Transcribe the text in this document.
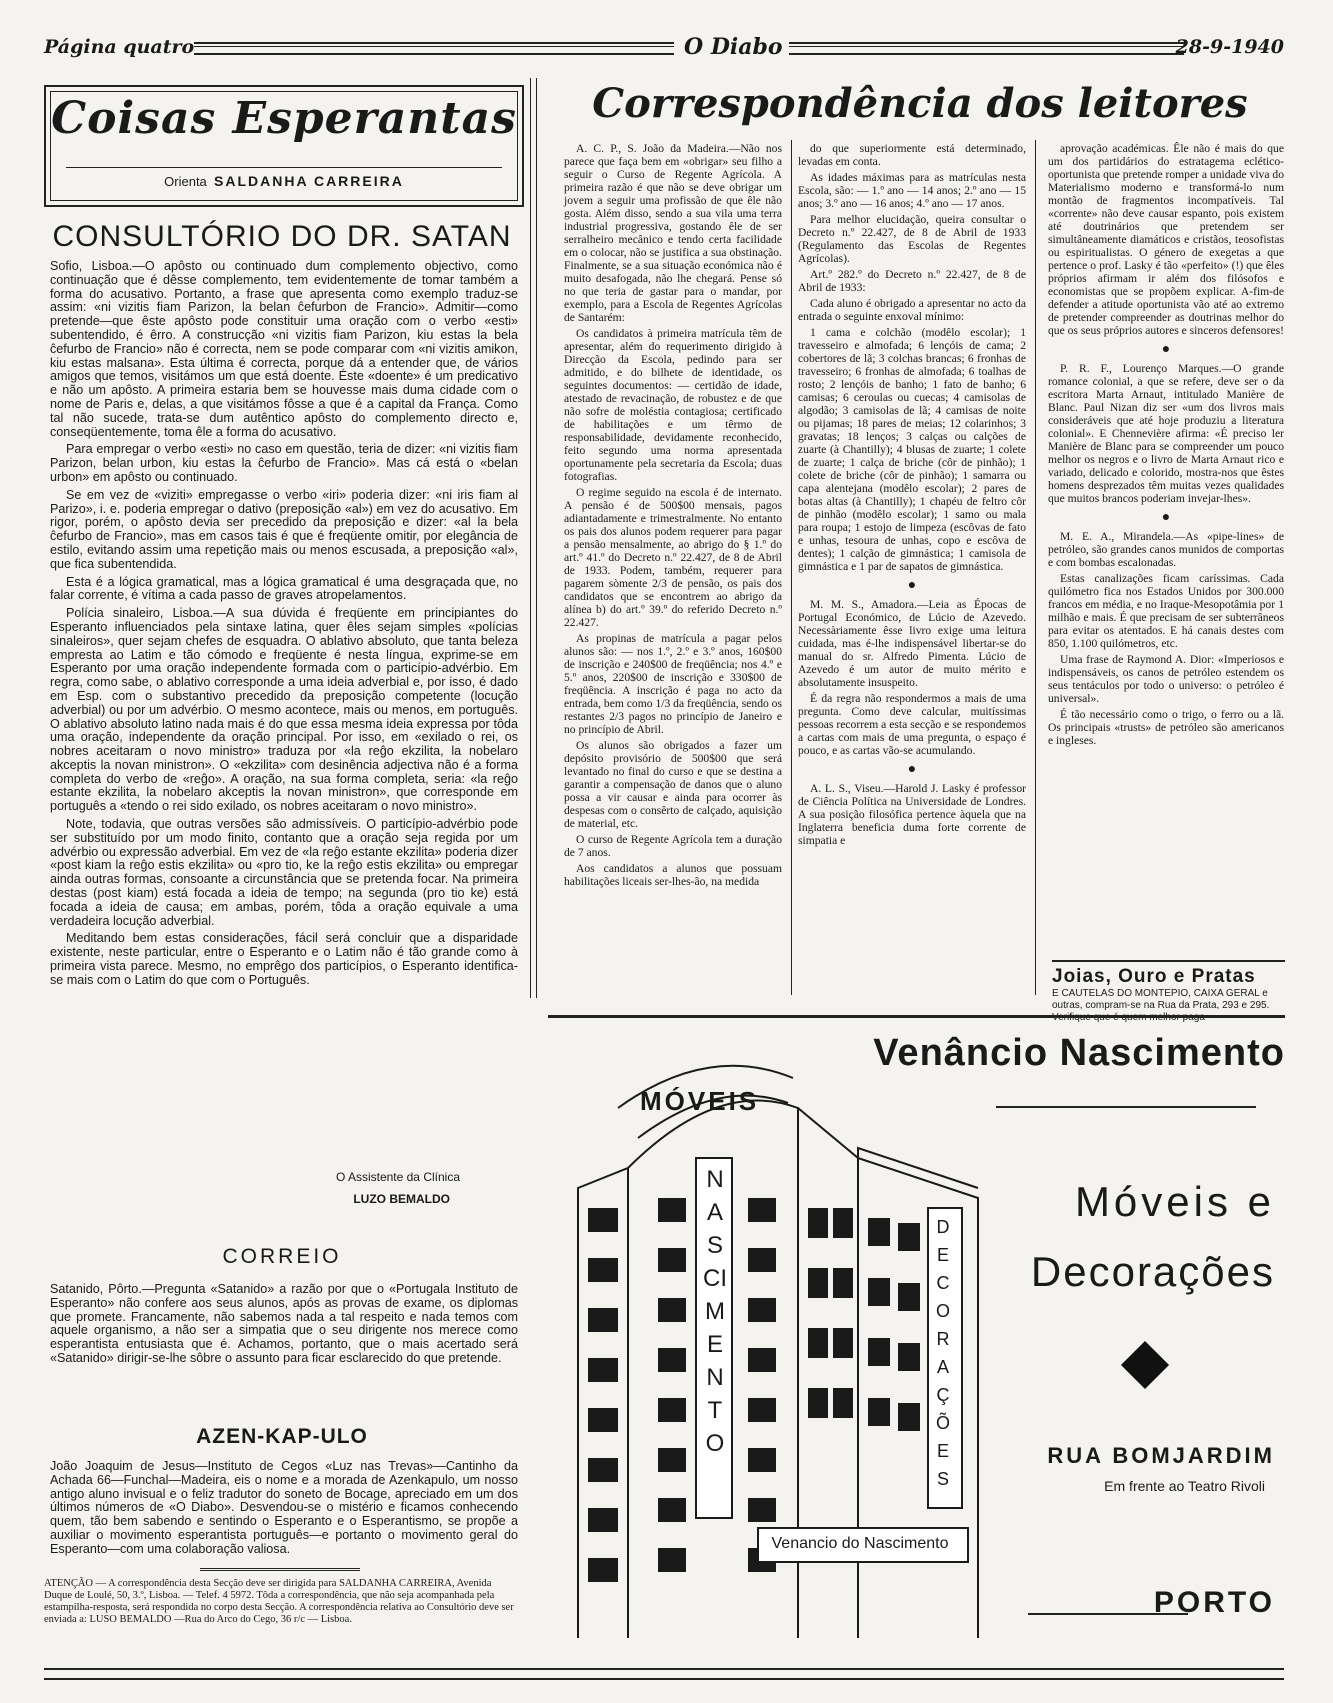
Página quatro	O Diabo	28-9-1940
Coisas Esperantas
Orienta SALDANHA CARREIRA
CONSULTÓRIO DO DR. SATAN

Sofio, Lisboa.—O apôsto ou continuado dum complemento objectivo, como continuação que é dêsse complemento, tem evidentemente de tomar também a forma do acusativo. Portanto, a frase que apresenta como exemplo traduz-se assim: «ni vizitis fiam Parizon, la belan ĉefurbon de Francio». Admitir—como pretende—que êste apôsto pode constituir uma oração com o verbo «esti» subentendido, é êrro. A construcção «ni vizitis fiam Parizon, kiu estas la bela ĉefurbo de Francio» não é correcta, nem se pode comparar com «ni vizitis amikon, kiu estas malsana». Esta última é correcta, porque dá a entender que, de vários amigos que temos, visitámos um que está doente. Éste «doente» é um predicativo e não um apôsto. A primeira estaria bem se houvesse mais duma cidade com o nome de Paris e, delas, a que visitámos fôsse a que é a capital da França. Como tal não sucede, trata-se dum autêntico apôsto do complemento directo e, conseqüentemente, toma êle a forma do acusativo.

Para empregar o verbo «esti» no caso em questão, teria de dizer: «ni vizitis fiam Parizon, belan urbon, kiu estas la ĉefurbo de Francio». Mas cá está o «belan urbon» em apôsto ou continuado.

Se em vez de «viziti» empregasse o verbo «iri» poderia dizer: «ni iris fiam al Parizo», i. e. poderia empregar o dativo (preposição «al») em vez do acusativo. Em rigor, porém, o apôsto devia ser precedido da preposição e dizer: «al la bela ĉefurbo de Francio», mas em casos tais é que é freqüente omitir, por elegância de estilo, evitando assim uma repetição mais ou menos escusada, a preposição «al», que fica subentendida.

Esta é a lógica gramatical, mas a lógica gramatical é uma desgraçada que, no falar corrente, é vítima a cada passo de graves atropelamentos.

Polícia sinaleiro, Lisboa.—A sua dúvida é freqüente em principiantes do Esperanto influenciados pela sintaxe latina, quer êles sejam simples «polícias sinaleiros», quer sejam chefes de esquadra. O ablativo absoluto, que tanta beleza empresta ao Latim e tão cómodo e freqüente é nesta língua, exprime-se em Esperanto por uma oração independente formada com o particípio-advérbio. Em regra, como sabe, o ablativo corresponde a uma ideia adverbial e, por isso, é dado em Esp. com o substantivo precedido da preposição competente (locução adverbial) ou por um advérbio. O mesmo acontece, mais ou menos, em português. O ablativo absoluto latino nada mais é do que essa mesma ideia expressa por tôda uma oração, independente da oração principal. Por isso, em «exilado o rei, os nobres aceitaram o novo ministro» traduza por «la reĝo ekzilita, la nobelaro akceptis la novan ministron». O «ekzilita» com desinência adjectiva não é a forma completa do verbo de «reĝo». A oração, na sua forma completa, seria: «la reĝo estante ekzilita, la nobelaro akceptis la novan ministron», que corresponde em português a «tendo o rei sido exilado, os nobres aceitaram o novo ministro».

Note, todavia, que outras versões são admissíveis. O particípio-advérbio pode ser substituído por um modo finito, contanto que a oração seja regida por um advérbio ou expressão adverbial. Em vez de «la reĝo estante ekzilita» poderia dizer «post kiam la reĝo estis ekzilita» ou «pro tio, ke la reĝo estis ekzilita» ou empregar ainda outras formas, consoante a circunstância que se pretenda focar. Na primeira destas (post kiam) está focada a ideia de tempo; na segunda (pro tio ke) está focada a ideia de causa; em ambas, porém, tôda a oração equivale a uma verdadeira locução adverbial.

Meditando bem estas considerações, fácil será concluir que a disparidade existente, neste particular, entre o Esperanto e o Latim não é tão grande como à primeira vista parece. Mesmo, no emprêgo dos particípios, o Esperanto identifica-se mais com o Latim do que com o Português.

O Assistente da Clínica
LUZO BEMALDO
CORREIO

Satanido, Pôrto.—Pregunta «Satanido» a razão por que o «Portugala Instituto de Esperanto» não confere aos seus alunos, após as provas de exame, os diplomas que promete. Francamente, não sabemos nada a tal respeito e nada temos com aquele organismo, a não ser a simpatia que o seu dirigente nos merece como esperantista entusiasta que é. Achamos, portanto, que o mais acertado será «Satanido» dirigir-se-lhe sôbre o assunto para ficar esclarecido do que pretende.

AZEN-KAP-ULO

João Joaquim de Jesus—Instituto de Cegos «Luz nas Trevas»—Cantinho da Achada 66—Funchal—Madeira, eis o nome e a morada de Azenkapulo, um nosso antigo aluno invisual e o feliz tradutor do soneto de Bocage, apreciado em um dos últimos números de «O Diabo». Desvendou-se o mistério e ficamos conhecendo quem, tão bem sabendo e sentindo o Esperanto e o Esperantismo, se propõe a auxiliar o movimento esperantista português—e portanto o movimento geral do Esperanto—com uma colaboração valiosa.

ATENÇÃO — A correspondência desta Secção deve ser dirigida para SALDANHA CARREIRA, Avenida Duque de Loulé, 50, 3.º, Lisboa. — Telef. 4 5972. Tôda a correspondência, que não seja acompanhada pela estampilha-resposta, será respondida no corpo desta Secção. A correspondência relativa ao Consultório deve ser enviada a: LUSO BEMALDO —Rua do Arco do Cego, 36 r/c — Lisboa.
Correspondência dos leitores

A. C. P., S. João da Madeira.—Não nos parece que faça bem em «obrigar» seu filho a seguir o Curso de Regente Agrícola. A primeira razão é que não se deve obrigar um jovem a seguir uma profissão de que êle não gosta. Além disso, sendo a sua vila uma terra industrial progressiva, gostando êle de ser serralheiro mecânico e tendo certa facilidade em o colocar, não se justifica a sua obstinação. Finalmente, se a sua situação económica não é muito desafogada, não lhe chegará. Pense só no que teria de gastar para o mandar, por exemplo, para a Escola de Regentes Agrícolas de Santarém:

Os candidatos à primeira matrícula têm de apresentar, além do requerimento dirigido à Direcção da Escola, pedindo para ser admitido, e do bilhete de identidade, os seguintes documentos: — certidão de idade, atestado de revacinação, de robustez e de que não sofre de moléstia contagiosa; certificado de habilitações e um têrmo de responsabilidade, devidamente reconhecido, feito segundo uma norma apresentada oportunamente pela secretaria da Escola; duas fotografias.

O regime seguido na escola é de internato. A pensão é de 500$00 mensais, pagos adiantadamente e trimestralmente. No entanto os pais dos alunos podem requerer para pagar a pensão mensalmente, ao abrigo do § 1.º do art.º 41.º do Decreto n.º 22.427, de 8 de Abril de 1933. Podem, também, requerer para pagarem sòmente 2/3 de pensão, os pais dos candidatos que se encontrem ao abrigo da alínea b) do art.º 39.º do referido Decreto n.º 22.427.

As propinas de matrícula a pagar pelos alunos são: — nos 1.º, 2.º e 3.º anos, 160$00 de inscrição e 240$00 de freqüência; nos 4.º e 5.º anos, 220$00 de inscrição e 330$00 de freqüência. A inscrição é paga no acto da entrada, bem como 1/3 da freqüência, sendo os restantes 2/3 pagos no princípio de Janeiro e no princípio de Abril.

Os alunos são obrigados a fazer um depósito provisório de 500$00 que será levantado no final do curso e que se destina a garantir a compensação de danos que o aluno possa a vir causar e ainda para ocorrer às despesas com o consêrto de calçado, aquisição de material, etc.

O curso de Regente Agrícola tem a duração de 7 anos.

Aos candidatos a alunos que possuam habilitações liceais ser-lhes-ão, na medida

do que superiormente está determinado, levadas em conta.

As idades máximas para as matrículas nesta Escola, são: — 1.º ano — 14 anos; 2.º ano — 15 anos; 3.º ano — 16 anos; 4.º ano — 17 anos.

Para melhor elucidação, queira consultar o Decreto n.º 22.427, de 8 de Abril de 1933 (Regulamento das Escolas de Regentes Agrícolas).

Art.º 282.º do Decreto n.º 22.427, de 8 de Abril de 1933:

Cada aluno é obrigado a apresentar no acto da entrada o seguinte enxoval mínimo:

1 cama e colchão (modêlo escolar); 1 travesseiro e almofada; 6 lençóis de cama; 2 cobertores de lã; 3 colchas brancas; 6 fronhas de travesseiro; 6 fronhas de almofada; 6 toalhas de rosto; 2 lençóis de banho; 1 fato de banho; 6 camisas; 6 ceroulas ou cuecas; 4 camisolas de algodão; 3 camisolas de lã; 4 camisas de noite ou pijamas; 18 pares de meias; 12 colarinhos; 3 gravatas; 18 lenços; 3 calças ou calções de zuarte (à Chantilly); 4 blusas de zuarte; 1 colete de zuarte; 1 calça de briche (côr de pinhão); 1 colete de briche (côr de pinhão); 1 samarra ou capa alentejana (modêlo escolar); 2 pares de botas altas (à Chantilly); 1 chapéu de feltro côr de pinhão (modêlo escolar); 1 samo ou mala para roupa; 1 estojo de limpeza (escôvas de fato e unhas, tesoura de unhas, copo e escôva de dentes); 1 calção de gimnástica; 1 camisola de gimnástica e 1 par de sapatos de gimnástica.

●

M. M. S., Amadora.—Leia as Épocas de Portugal Económico, de Lúcio de Azevedo. Necessàriamente êsse livro exige uma leitura cuidada, mas é-lhe indispensável libertar-se do manual do sr. Alfredo Pimenta. Lúcio de Azevedo é um autor de muito mérito e absolutamente insuspeito.

É da regra não respondermos a mais de uma pregunta. Como deve calcular, muitíssimas pessoas recorrem a esta secção e se respondemos a cartas com mais de uma pregunta, o espaço é pouco, e as cartas vão-se acumulando.

●

A. L. S., Viseu.—Harold J. Lasky é professor de Ciência Política na Universidade de Londres. A sua posição filosófica pertence àquela que na Inglaterra beneficia duma forte corrente de simpatia e

aprovação académicas. Êle não é mais do que um dos partidários do estratagema eclético-oportunista que pretende romper a unidade viva do Materialismo moderno e transformá-lo num montão de fragmentos incompatíveis. Tal «corrente» não deve causar espanto, pois existem até doutrinários que pretendem ser simultâneamente diamáticos e cristãos, teosofistas ou espiritualistas. O género de exegetas a que pertence o prof. Lasky é tão «perfeito» (!) que êles próprios afirmam ir além dos filósofos e economistas que se propõem explicar. A-fim-de defender a atitude oportunista vão até ao extremo de pretender compreender as doutrinas melhor do que os seus próprios autores e sinceros defensores!

●

P. R. F., Lourenço Marques.—O grande romance colonial, a que se refere, deve ser o da escritora Marta Arnaut, intitulado Manière de Blanc. Paul Nizan diz ser «um dos livros mais consideráveis que até hoje produziu a literatura colonial». E Chennevière afirma: «É preciso ler Manière de Blanc para se compreender um pouco melhor os negros e o livro de Marta Arnaut rico e variado, delicado e colorido, mostra-nos que êstes homens desprezados têm muitas vezes qualidades que muitos brancos poderiam invejar-lhes».

●

M. E. A., Mirandela.—As «pipe-lines» de petróleo, são grandes canos munidos de comportas e com bombas escalonadas.

Estas canalizações ficam caríssimas. Cada quilómetro fica nos Estados Unidos por 300.000 francos em média, e no Iraque-Mesopotâmia por 1 milhão e mais. É que precisam de ser subterrâneos para evitar os atentados. E há canais destes com 850, 1.100 quilómetros, etc.

Uma frase de Raymond A. Dior: «Imperiosos e indispensáveis, os canos de petróleo estendem os seus tentáculos por todo o universo: o petróleo é universal».

É tão necessário como o trigo, o ferro ou a lã. Os principais «trusts» de petróleo são americanos e ingleses.

Joias, Ouro e Pratas
E CAUTELAS DO MONTEPIO, CAIXA GERAL e outras, compram-se na Rua da Prata, 293 e 295. Verifique que é quem melhor paga
Venâncio Nascimento
MÓVEIS
NASCIMENTO
DECORAÇÕES
Venancio do Nascimento
Móveis e
Decorações
RUA BOMJARDIM
Em frente ao Teatro Rivoli
PORTO
